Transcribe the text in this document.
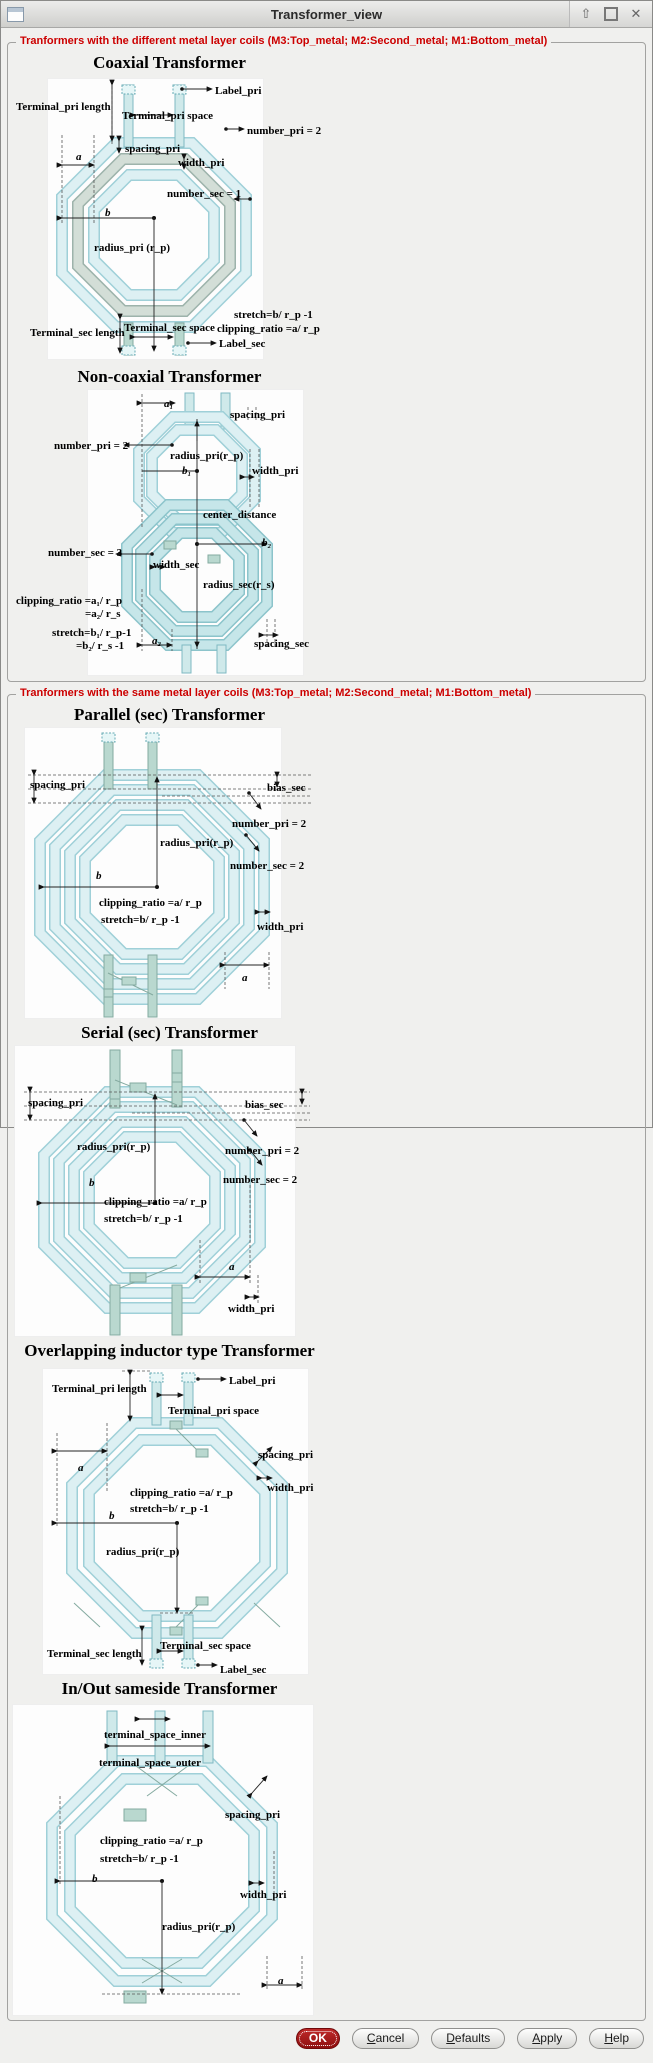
Transformer_view	⇧	✕
Tranformers with the different metal layer coils (M3:Top_metal; M2:Second_metal; M1:Bottom_metal)
Coaxial Transformer
Label_pri
Terminal_pri length
Terminal_pri space
number_pri = 2
spacing_pri
width_pri
a
number_sec = 1
b
radius_pri (r_p)
stretch=b/ r_p -1
clipping_ratio =a/ r_p
Terminal_sec length Terminal_sec space
Label_sec
Non-coaxial Transformer
a₁
spacing_pri
number_pri = 2
radius_pri(r_p)
b₁	width_pri
center_distance
number_sec = 3
width_sec
b₂
radius_sec(r_s)
clipping_ratio =a₁/ r_p
=a₂/ r_s
stretch=b₁/ r_p-1
=b₂/ r_s -1	a₂	spacing_sec
Tranformers with the same metal layer coils (M3:Top_metal; M2:Second_metal; M1:Bottom_metal)
Parallel (sec) Transformer
spacing_pri	bias_sec
number_pri = 2
radius_pri(r_p)
number_sec = 2
b
clipping_ratio =a/ r_p
stretch=b/ r_p -1
width_pri
a
Serial (sec) Transformer
spacing_pri	bias_sec
radius_pri(r_p)	number_pri = 2
number_sec = 2
b
clipping_ratio =a/ r_p
stretch=b/ r_p -1
a
width_pri
Overlapping inductor type Transformer
Terminal_pri length
Label_pri
Terminal_pri space
a
spacing_pri
width_pri
clipping_ratio =a/ r_p
stretch=b/ r_p -1
b
radius_pri(r_p)
Terminal_sec length
Terminal_sec space
Label_sec
In/Out sameside Transformer
terminal_space_inner
terminal_space_outer
spacing_pri
clipping_ratio =a/ r_p
stretch=b/ r_p -1
b
width_pri
radius_pri(r_p)
a
OK	Cancel	Defaults	Apply	Help
